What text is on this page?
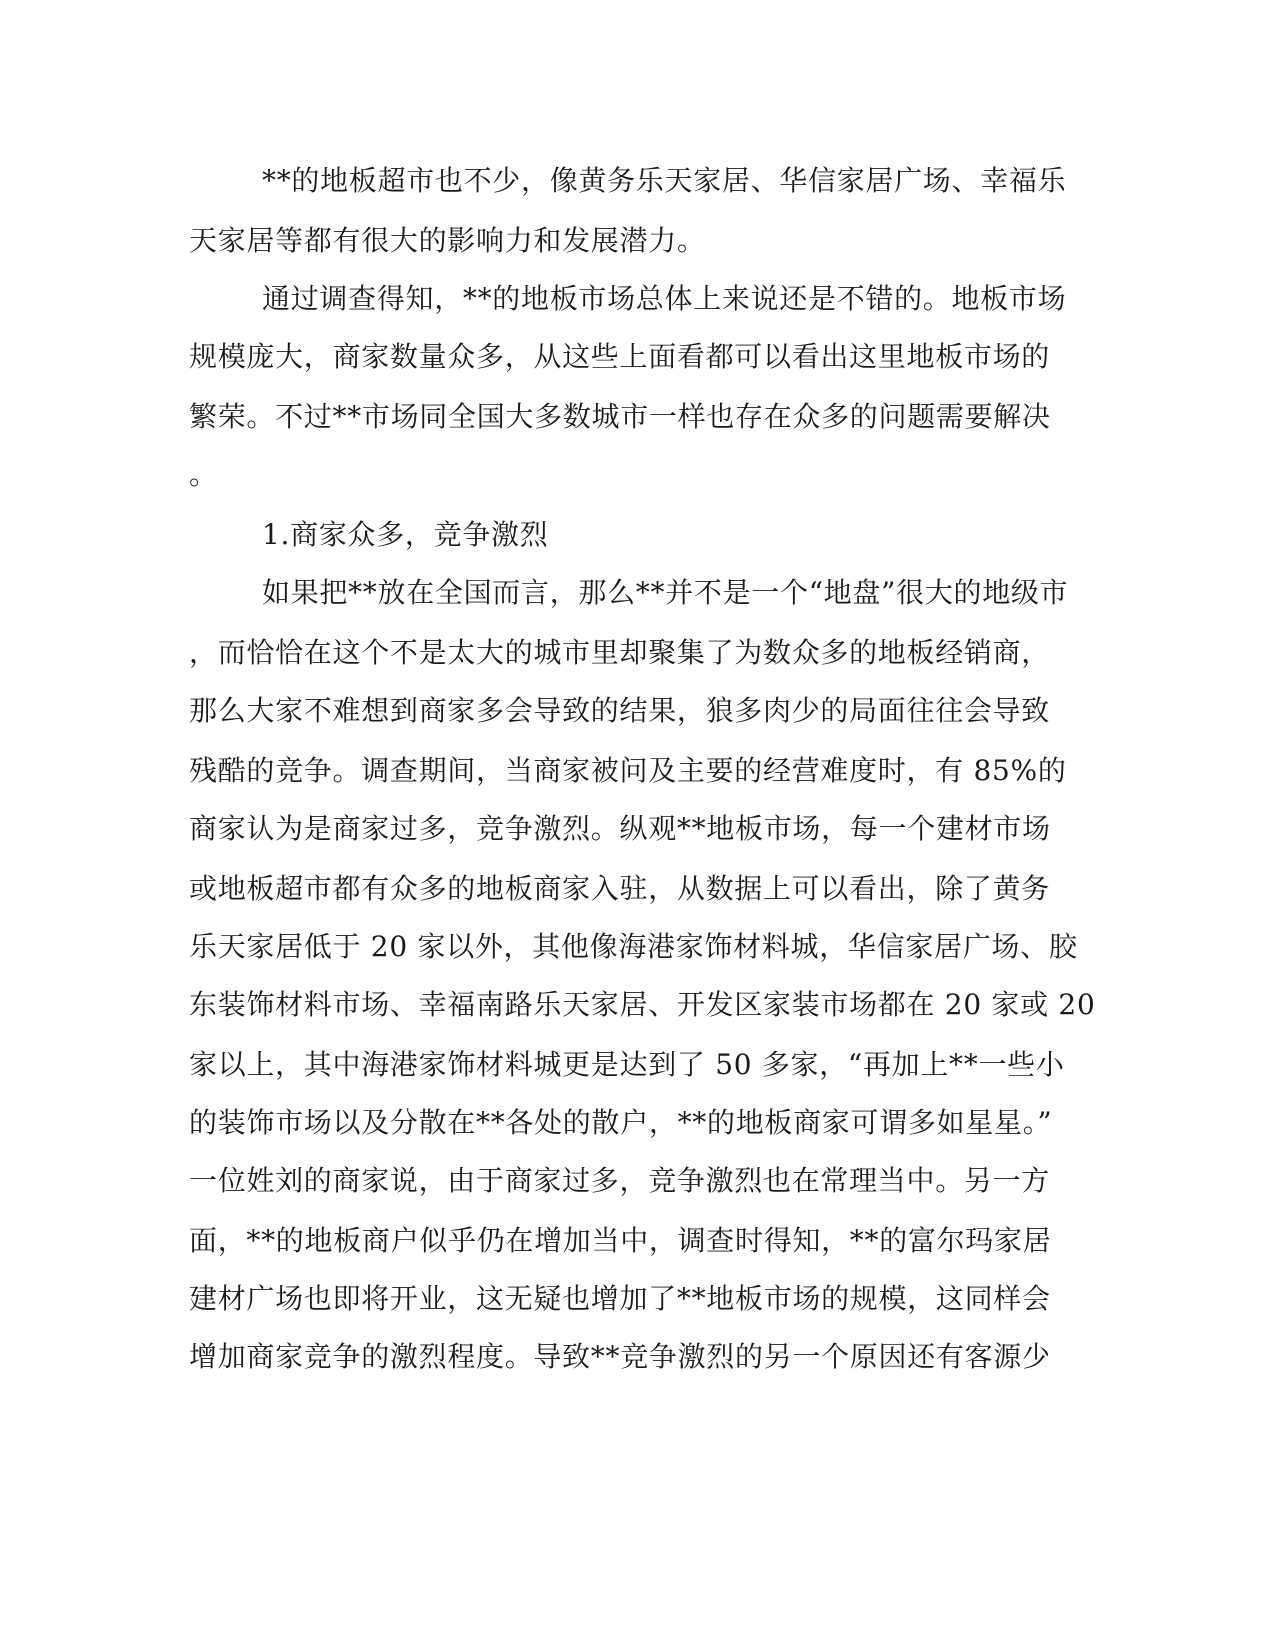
**的地板超市也不少，像黄务乐天家居、华信家居广场、幸福乐
天家居等都有很大的影响力和发展潜力。
通过调查得知，**的地板市场总体上来说还是不错的。地板市场
规模庞大，商家数量众多，从这些上面看都可以看出这里地板市场的
繁荣。不过**市场同全国大多数城市一样也存在众多的问题需要解决
。
1.商家众多，竞争激烈
如果把**放在全国而言，那么**并不是一个“地盘”很大的地级市
，而恰恰在这个不是太大的城市里却聚集了为数众多的地板经销商，
那么大家不难想到商家多会导致的结果，狼多肉少的局面往往会导致
残酷的竞争。调查期间，当商家被问及主要的经营难度时，有 85%的
商家认为是商家过多，竞争激烈。纵观**地板市场，每一个建材市场
或地板超市都有众多的地板商家入驻，从数据上可以看出，除了黄务
乐天家居低于 20 家以外，其他像海港家饰材料城，华信家居广场、胶
东装饰材料市场、幸福南路乐天家居、开发区家装市场都在 20 家或 20
家以上，其中海港家饰材料城更是达到了 50 多家，“再加上**一些小
的装饰市场以及分散在**各处的散户，**的地板商家可谓多如星星。”
一位姓刘的商家说，由于商家过多，竞争激烈也在常理当中。另一方
面，**的地板商户似乎仍在增加当中，调查时得知，**的富尔玛家居
建材广场也即将开业，这无疑也增加了**地板市场的规模，这同样会
增加商家竞争的激烈程度。导致**竞争激烈的另一个原因还有客源少
